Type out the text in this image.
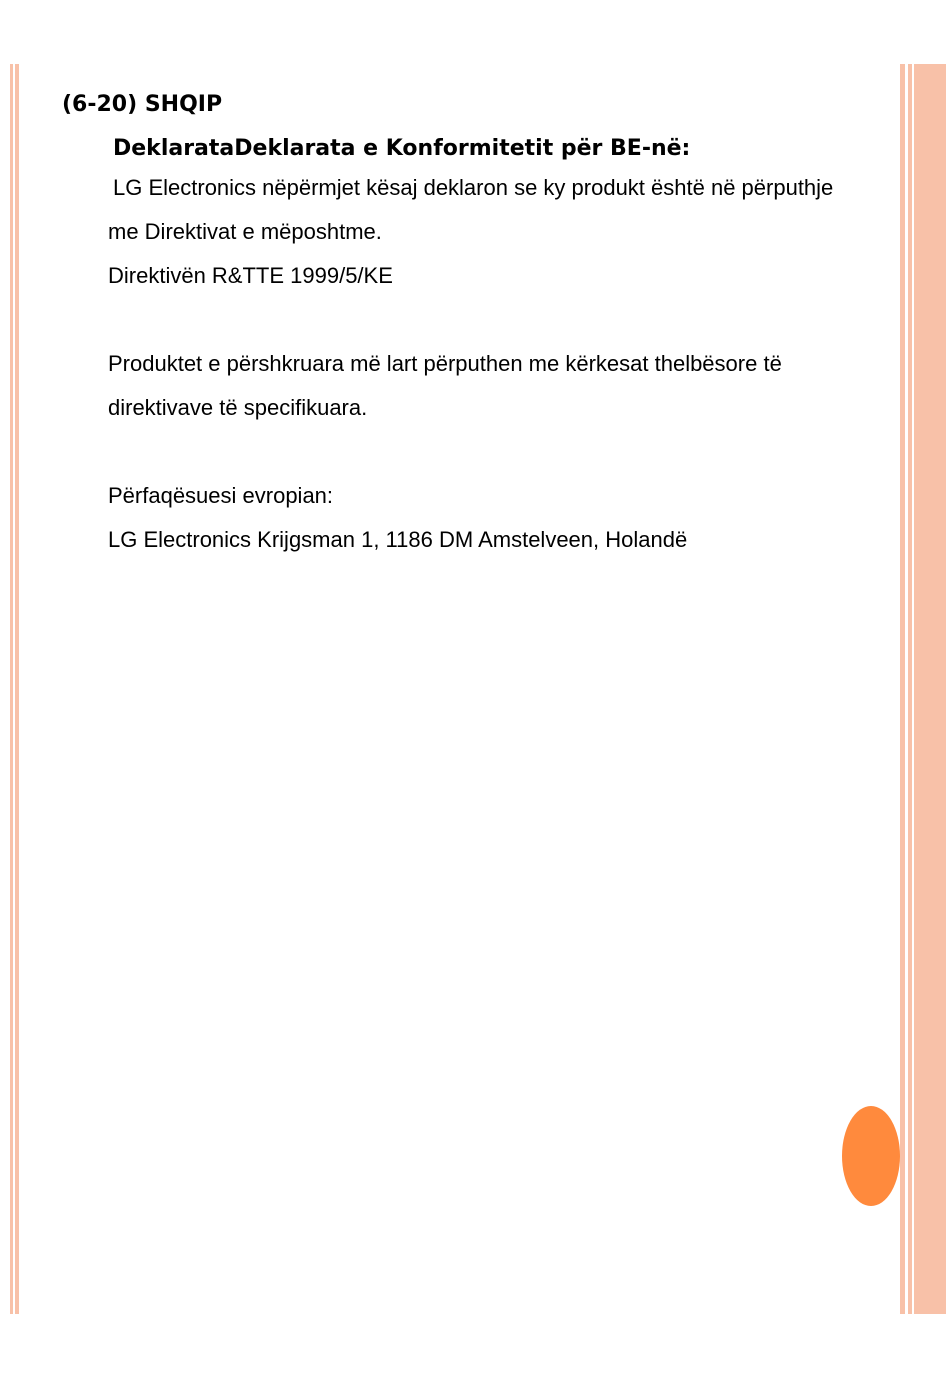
(6-20) SHQIP
DeklarataDeklarata e Konformitetit për BE-në:
LG Electronics nëpërmjet kësaj deklaron se ky produkt është në përputhje
me Direktivat e mëposhtme.
Direktivën R&TTE 1999/5/KE
Produktet e përshkruara më lart përputhen me kërkesat thelbësore të
direktivave të specifikuara.
Përfaqësuesi evropian:
LG Electronics Krijgsman 1, 1186 DM Amstelveen, Holandë
